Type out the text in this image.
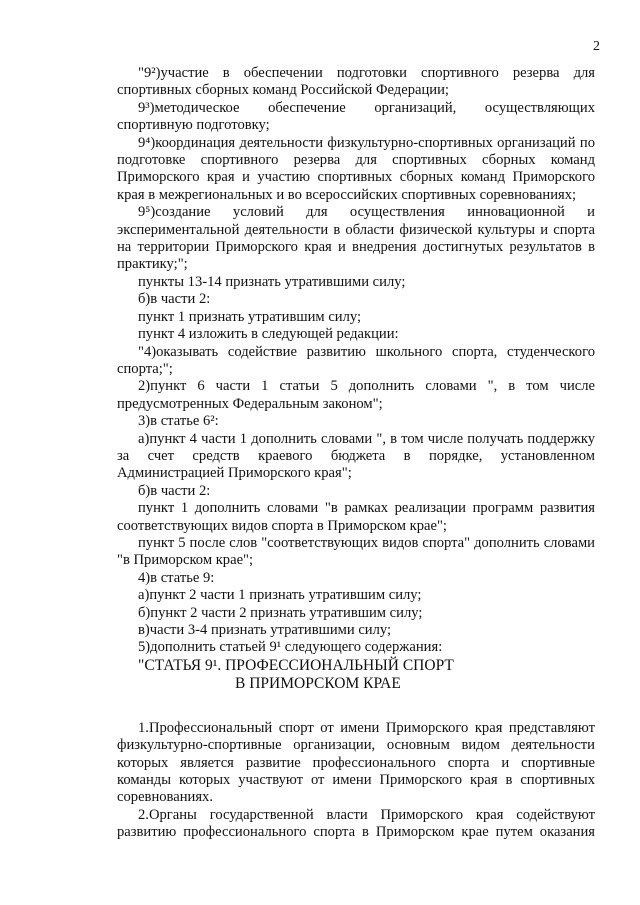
2

"9²)участие в обеспечении подготовки спортивного резерва для спортивных сборных команд Российской Федерации;

9³)методическое обеспечение организаций, осуществляющих спортивную подготовку;

9⁴)координация деятельности физкультурно-спортивных организаций по подготовке спортивного резерва для спортивных сборных команд Приморского края и участию спортивных сборных команд Приморского края в межрегиональных и во всероссийских спортивных соревнованиях;

9⁵)создание условий для осуществления инновационной и экспериментальной деятельности в области физической культуры и спорта на территории Приморского края и внедрения достигнутых результатов в практику;";

пункты 13-14 признать утратившими силу;

б)в части 2:

пункт 1 признать утратившим силу;

пункт 4 изложить в следующей редакции:

"4)оказывать содействие развитию школьного спорта, студенческого спорта;";

2)пункт 6 части 1 статьи 5 дополнить словами ", в том числе предусмотренных Федеральным законом";

3)в статье 6²:

а)пункт 4 части 1 дополнить словами ", в том числе получать поддержку за счет средств краевого бюджета в порядке, установленном Администрацией Приморского края";

б)в части 2:

пункт 1 дополнить словами "в рамках реализации программ развития соответствующих видов спорта в Приморском крае";

пункт 5 после слов "соответствующих видов спорта" дополнить словами "в Приморском крае";

4)в статье 9:

а)пункт 2 части 1 признать утратившим силу;

б)пункт 2 части 2 признать утратившим силу;

в)части 3-4 признать утратившими силу;

5)дополнить статьей 9¹ следующего содержания:

"СТАТЬЯ 9¹. ПРОФЕССИОНАЛЬНЫЙ СПОРТ
В ПРИМОРСКОМ КРАЕ

1.Профессиональный спорт от имени Приморского края представляют физкультурно-спортивные организации, основным видом деятельности которых является развитие профессионального спорта и спортивные команды которых участвуют от имени Приморского края в спортивных соревнованиях.

2.Органы государственной власти Приморского края содействуют развитию профессионального спорта в Приморском крае путем оказания
